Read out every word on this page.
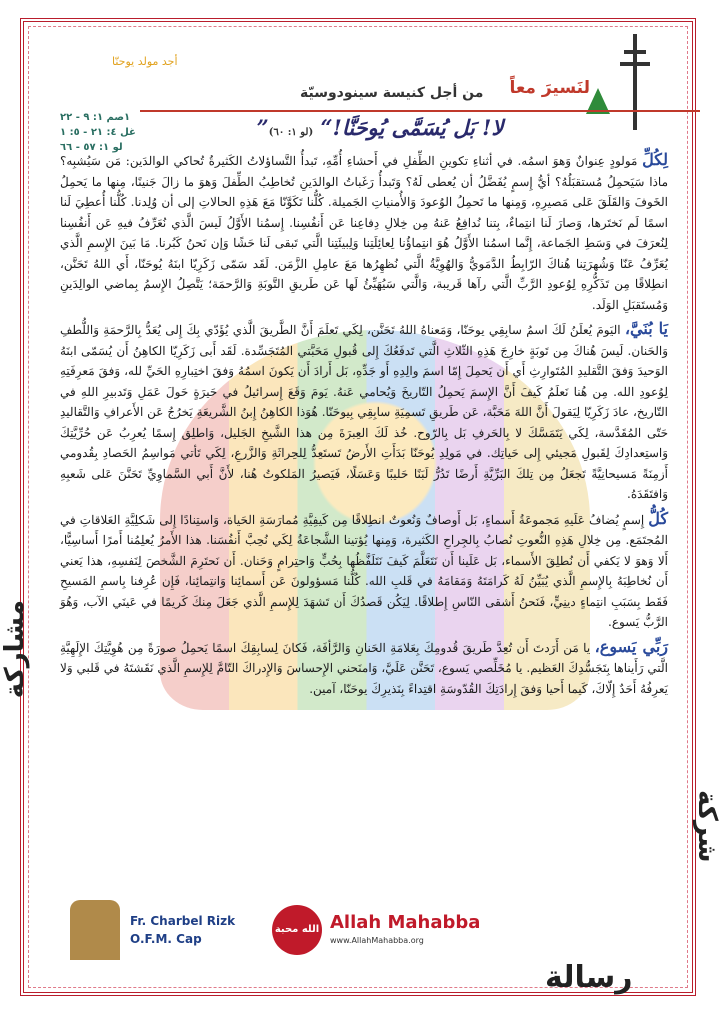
أجد مولد يوحنّا
لنَسيرَ معاً
من أجل كنيسة سينودوسيّة
١صم ١: ٩ - ٢٢
غل ٤: ٢١ - ٥: ١
لو ١: ٥٧ - ٦٦
”لا! بَل يُسَمَّى يُوحَنَّا!“ (لو ١: ٦٠)

لِكُلِّ مَولودٍ عِنوانٌ وَهوَ اسمُه. في أثناءِ تكوينِ الطِّفلِ في أَحشاءِ أُمِّهِ، تَبدأُ التَّساؤلاتُ الكَثيرةُ تُحاكي الوالدَين: مَن سَيُشبِه؟ ماذا سَيَحمِلُ مُستقبَلُهُ؟ أيُّ إِسمٍ يُفَضَّلُ أن يُعطى لَهُ؟ وَتَبدأُ رَغَباتُ الوالدَينِ تُخاطِبُ الطِّفلَ وَهوَ ما زالَ جَنينًا، مِنها ما يَحمِلُ الخَوفَ وَالقَلَقَ عَلى مَصيرِهِ، وَمِنها ما تَحمِلُ الوُعودَ وَالأُمنياتِ الجَميلة. كُلُّنا تَكَوَّنّا مَعَ هَذِهِ الحالاتِ إلى أن وُلِدنا. كُلُّنا أُعطِيَ لَنا اسمًا لَم نَختَرها، وَصارَ لَنا انتِماءٌ، بِتنا نُدافِعُ عَنهُ مِن خِلالِ دِفاعِنا عَن أَنفُسِنا. إِسمُنا الأَوَّلُ لَيسَ الَّذي نُعَرِّفُ فيهِ عَن أَنفُسِنا لِنُعرَفَ في وَسَطِ الجَماعة، إِنَّما اسمُنا الأَوَّلُ هُوَ انتِماؤُنا لِعائِلَتِنا وَلِبيئَتِنا الَّتي تَبقى لَنا حَشًا وَإن نَحنُ كَبُرنا. مَا بَينَ الإِسمِ الَّذي يُعَرِّفُ عَنّا وَشُهرَتِنا هُناكَ الرّابِطُ الدَّمَويُّ وَالهُوِيَّةُ الَّتي نُظهِرُها مَعَ عامِلِ الزَّمَن. لَقَد سَمّى زَكَرِيّا ابنَهُ يُوحَنّا، أَي اللهُ تَحَنَّن، انطِلاقًا مِن تَذَكُّرِهِ لِوُعودِ الرَّبِّ الَّتي رآها قَريبة، وَالَّتي سَيُهَيِّئُ لَها عَن طَريقِ التَّوبَةِ وَالرَّحمَة؛ يَتَّصِلُ الإِسمُ بِماضي الوالِدَينِ وَمُستَقبَلِ الوَلَد.

يَا بُنَيَّ، اليَومَ يُعلَنُ لَكَ اسمُ سابِقِي يوحَنّا، وَمَعناهُ اللهُ تَحَنَّن، لِكَي تَعلَمَ أَنَّ الطَّريقَ الَّذي يُؤَدّي بِكَ إِلى يُعَدُّ بِالرَّحمَةِ وَاللُّطفِ وَالحَنان. لَيسَ هُناكَ مِن تَوبَةٍ خارِجَ هَذِهِ الثّلاثِ الَّتي تَدفَعُكَ إِلى قُبولِ مَحَبَّتي المُتَجَسِّدة. لَقَد أَبى زَكَرِيّا الكاهِنُ أَن يُسَمّى ابنَهُ الوَحيدَ وَفقَ التَّقليدِ المُتَوارِثِ أَي أَن يَحمِلَ إِمّا اسمَ والِدِهِ أَو جَدِّهِ، بَل أَرادَ أَن يَكونَ اسمُهُ وَفقَ اختِبارِهِ الحَيِّ لله، وَفقَ مَعرِفَتِهِ لِوُعودِ الله. مِن هُنا نَعلَمُ كَيفَ أَنَّ الإِسمَ يَحمِلُ التّاريخَ وَيُحامي عَنهُ. يَومَ وَقَعَ إِسرائيلُ في حَيرَةٍ حَولَ عَمَلِ وَتَدبيرِ اللهِ في التّاريخ، عادَ زَكَرِيّا لِيَقولَ أَنَّ اللهَ مَحَبَّة، عَن طَريقِ تَسمِيَةِ سابِقِي بِيوحَنّا. هُوَذا الكاهِنُ إِبنُ الشَّريعَةِ يَخرُجُ عَن الأَعرافِ وَالتَّقاليدِ حَتّى المُقَدَّسة، لِكَي يَتَمَسَّكَ لا بِالحَرفِ بَل بِالرّوح. خُذ لَكَ العِبرَةَ مِن هذا الشَّيخِ الجَليل، وَاطلِق إِسمًا يُعرِبُ عَن حُرِّيَّتِكَ وَاستِعدادِكَ لِقَبولِ مَجيئي إِلى حَياتِك. في مَولِدِ يُوحَنّا بَدَأَتِ الأَرضُ تَستَعِدُّ لِلحِراثَةِ وَالزَّرعِ، لِكَي تَأتي مَواسِمُ الحَصادِ بِقُدومي أَزمِنَةً مَسيحانِيَّةً تَجعَلُ مِن تِلكَ البَرِّيَّةِ أَرضًا تَدُرُّ لَبَنًا حَليبًا وَعَسَلًا، فَيَصيرُ المَلكوتُ هُنا، لأَنَّ أَبي السَّماوِيِّ تَحَنَّنَ عَلى شَعبِهِ وَافتَقَدَهُ.

كُلُّ إِسمٍ يُضافُ عَلَيهِ مَجموعَةُ أَسماءٍ، بَل أَوصافٌ وَنُعوتٌ انطِلاقًا مِن كَيفِيَّةِ مُمارَسَةِ الحَياة، وَاستِنادًا إِلى شَكلِيَّةِ العَلاقاتِ في المُجتَمَع. مِن خِلالِ هَذِهِ النُّعوتِ نُصابُ بِالجِراحِ الكَثيرة، وَمِنها يُؤتينا الشَّجاعَةُ لِكَي نُحِبَّ أَنفُسَنا. هذا الأَمرُ يُعلِمُنا أَمرًا أَساسِيًّا، أَلا وَهوَ لا يَكفي أَن نُطلِقَ الأَسماء، بَل عَلَينا أَن نَتَعَلَّمَ كَيفَ نَتَلَفَّظُها بِحُبٍّ وَاحتِرامٍ وَحَنان. أَن نَحتَرِمَ الشَّخصَ لِنَفسِهِ، هذا يَعني أَن نُخاطِبَهُ بِالإِسمِ الَّذي يُبَيِّنُ لَهُ كَرامَتَهُ وَمَقامَهُ في قَلبِ الله. كُلُّنا مَسؤولونَ عَن أَسمائِنا وَانتِمائِنا، فَإِن عُرِفنا بِاسمِ المَسيحِ فَقَط بِسَبَبِ انتِماءٍ دينِيٍّ، فَنَحنُ أَشقى النّاسِ إِطلاقًا. لِيَكُن قَصدُكَ أَن تَشهَدَ لِلإِسمِ الَّذي جَعَلَ مِنكَ كَريمًا في عَينَي الآب، وَهُوَ الرَّبُّ يَسوع.

رَبِّي يَسوع، يا مَن أَرَدتَ أَن تُعِدَّ طَريقَ قُدومِكَ بِعَلامَةِ الحَنانِ وَالرَّأفَة، فَكانَ لِسابِقِكَ اسمًا يَحمِلُ صورَةً مِن هُوِيَّتِكَ الإِلَهِيَّةِ الَّتي رَأَيناها بِتَجَسُّدِكَ العَظيم. يا مُخَلِّصي يَسوع، تَحَنَّن عَلَيَّ، وَامنَحني الإِحساسَ وَالإِدراكَ التّامَّ لِلإِسمِ الَّذي نَقَشتَهُ في قَلبي وَلا يَعرِفُهُ أَحَدٌ إِلّاكَ، كَيما أَحيا وَفقَ إِرادَتِكَ القُدّوسَةِ اقتِداءً بِنَذيرِكَ يوحَنّا، آمين.

شركة
مشاركة
رسالة
Fr. Charbel Rizk
O.F.M. Cap
الله محبة Allah Mahabba
www.AllahMahabba.org
